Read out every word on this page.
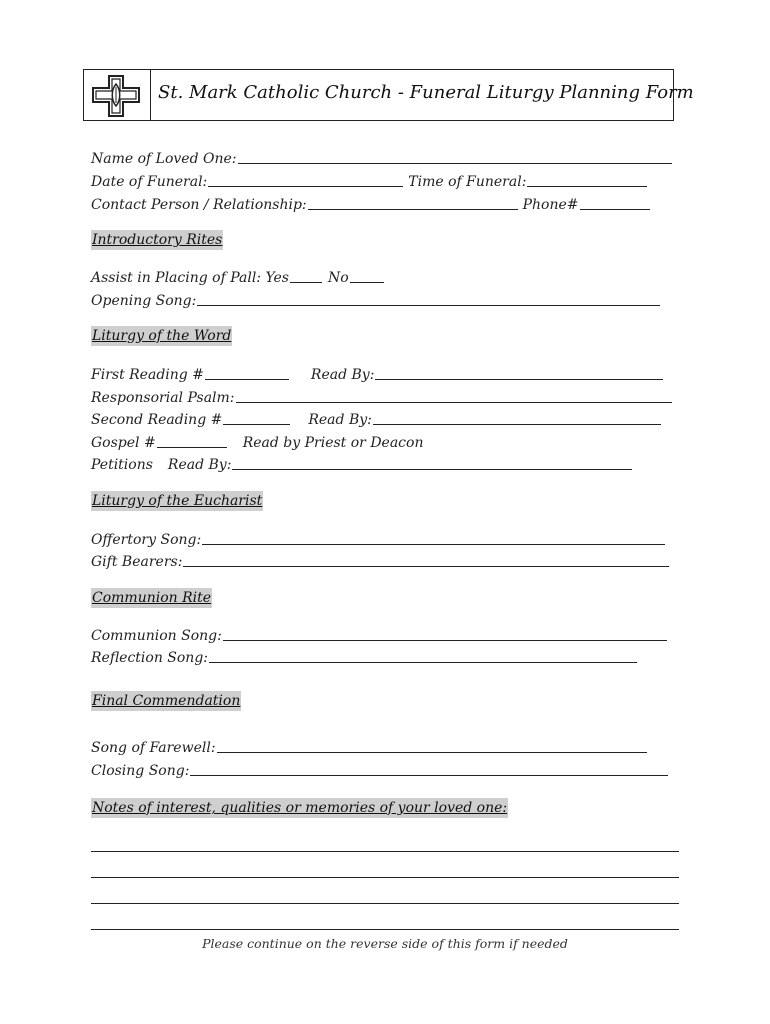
St. Mark Catholic Church - Funeral Liturgy Planning Form
Name of Loved One:
Date of Funeral:	Time of Funeral:
Contact Person / Relationship:	Phone#
Introductory Rites
Assist in Placing of Pall: Yes	No
Opening Song:
Liturgy of the Word
First Reading #	Read By:
Responsorial Psalm:
Second Reading #	Read By:
Gospel #	Read by Priest or Deacon
Petitions Read By:
Liturgy of the Eucharist
Offertory Song:
Gift Bearers:
Communion Rite
Communion Song:
Reflection Song:
Final Commendation
Song of Farewell:
Closing Song:
Notes of interest, qualities or memories of your loved one:
Please continue on the reverse side of this form if needed
